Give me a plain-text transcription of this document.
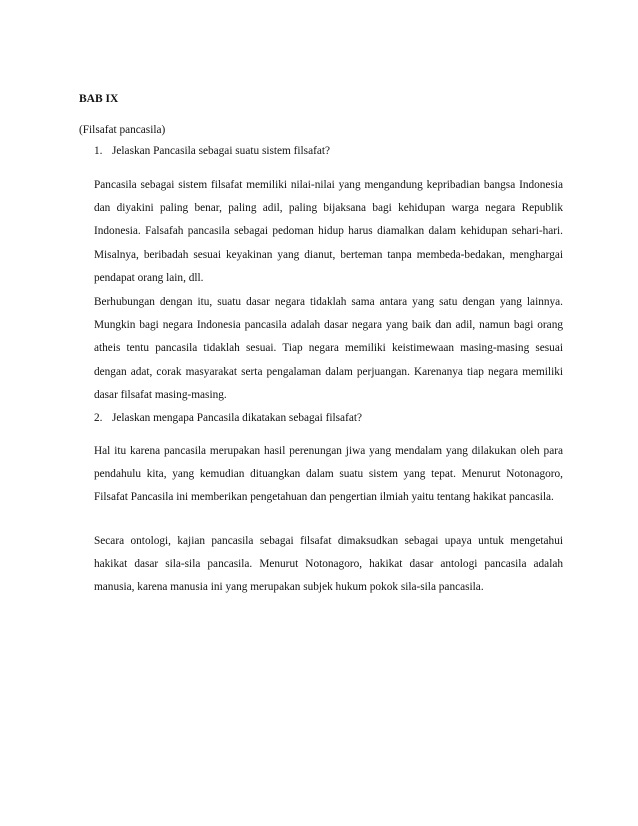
BAB IX
(Filsafat pancasila)
1. Jelaskan Pancasila sebagai suatu sistem filsafat?
Pancasila sebagai sistem filsafat memiliki nilai-nilai yang mengandung kepribadian bangsa Indonesia dan diyakini paling benar, paling adil, paling bijaksana bagi kehidupan warga negara Republik Indonesia. Falsafah pancasila sebagai pedoman hidup harus diamalkan dalam kehidupan sehari-hari. Misalnya, beribadah sesuai keyakinan yang dianut, berteman tanpa membeda-bedakan, menghargai pendapat orang lain, dll.
Berhubungan dengan itu, suatu dasar negara tidaklah sama antara yang satu dengan yang lainnya. Mungkin bagi negara Indonesia pancasila adalah dasar negara yang baik dan adil, namun bagi orang atheis tentu pancasila tidaklah sesuai. Tiap negara memiliki keistimewaan masing-masing sesuai dengan adat, corak masyarakat serta pengalaman dalam perjuangan. Karenanya tiap negara memiliki dasar filsafat masing-masing.
2. Jelaskan mengapa Pancasila dikatakan sebagai filsafat?
Hal itu karena pancasila merupakan hasil perenungan jiwa yang mendalam yang dilakukan oleh para pendahulu kita, yang kemudian dituangkan dalam suatu sistem yang tepat. Menurut Notonagoro, Filsafat Pancasila ini memberikan pengetahuan dan pengertian ilmiah yaitu tentang hakikat pancasila.
Secara ontologi, kajian pancasila sebagai filsafat dimaksudkan sebagai upaya untuk mengetahui hakikat dasar sila-sila pancasila. Menurut Notonagoro, hakikat dasar antologi pancasila adalah manusia, karena manusia ini yang merupakan subjek hukum pokok sila-sila pancasila.
